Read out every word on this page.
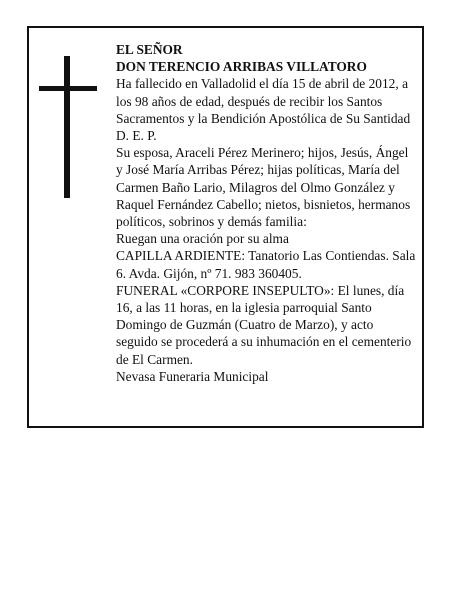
EL SEÑOR

DON TERENCIO ARRIBAS VILLATORO

Ha fallecido en Valladolid el día 15 de abril de 2012, a los 98 años de edad, después de recibir los Santos Sacramentos y la Bendición Apostólica de Su Santidad D. E. P.

Su esposa, Araceli Pérez Merinero; hijos, Jesús, Ángel y José María Arribas Pérez; hijas políticas, María del Carmen Baño Lario, Milagros del Olmo González y Raquel Fernández Cabello; nietos, bisnietos, hermanos políticos, sobrinos y demás familia:

Ruegan una oración por su alma

CAPILLA ARDIENTE: Tanatorio Las Contiendas. Sala 6. Avda. Gijón, nº 71. 983 360405.

FUNERAL «CORPORE INSEPULTO»: El lunes, día 16, a las 11 horas, en la iglesia parroquial Santo Domingo de Guzmán (Cuatro de Marzo), y acto seguido se procederá a su inhumación en el cementerio de El Carmen.

Nevasa Funeraria Municipal
